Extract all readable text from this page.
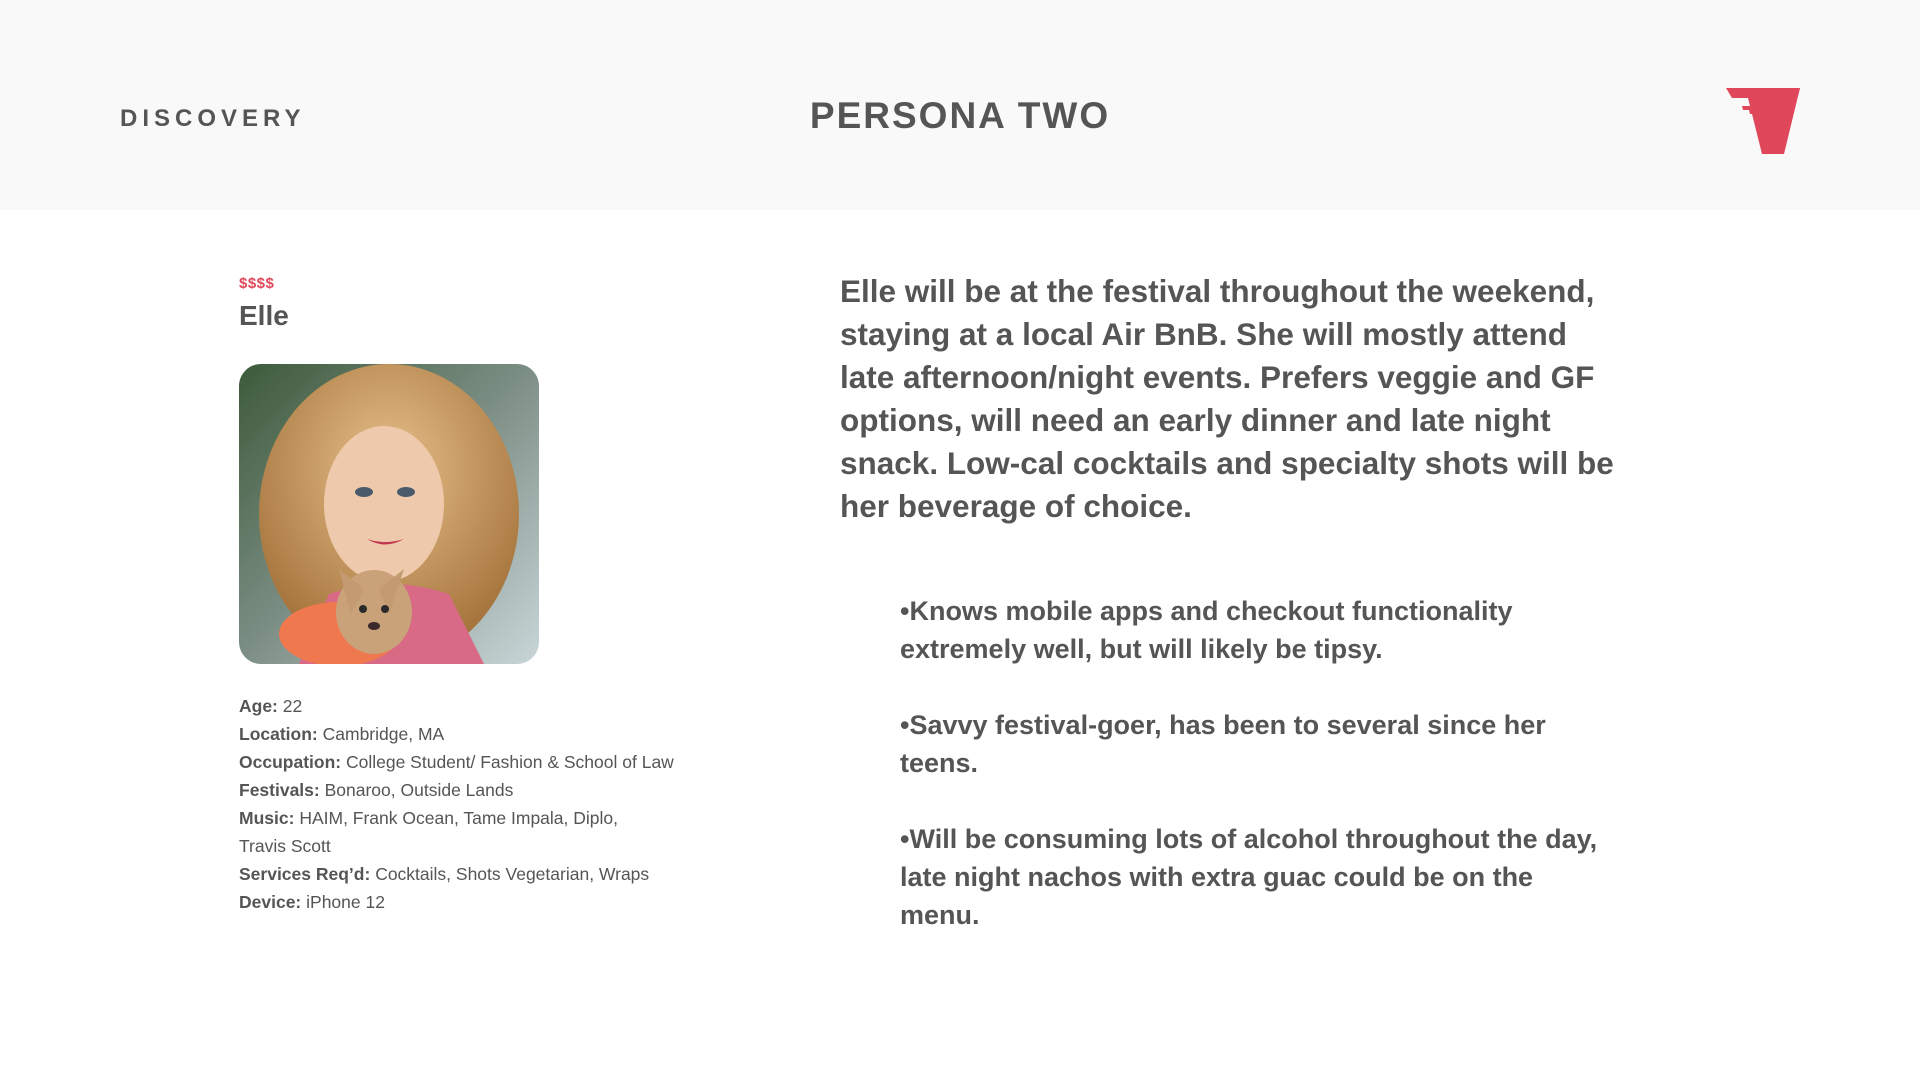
DISCOVERY	PERSONA TWO
$$$$
Elle

Age: 22

Location: Cambridge, MA

Occupation: College Student/ Fashion & School of Law

Festivals: Bonaroo, Outside Lands

Music: HAIM, Frank Ocean, Tame Impala, Diplo,

Travis Scott

Services Req’d: Cocktails, Shots Vegetarian, Wraps

Device: iPhone 12

Elle will be at the festival throughout the weekend, staying at a local Air BnB. She will mostly attend late afternoon/night events. Prefers veggie and GF options, will need an early dinner and late night snack. Low-cal cocktails and specialty shots will be her beverage of choice.

•Knows mobile apps and checkout functionality extremely well, but will likely be tipsy.

•Savvy festival-goer, has been to several since her teens.

•Will be consuming lots of alcohol throughout the day, late night nachos with extra guac could be on the menu.
